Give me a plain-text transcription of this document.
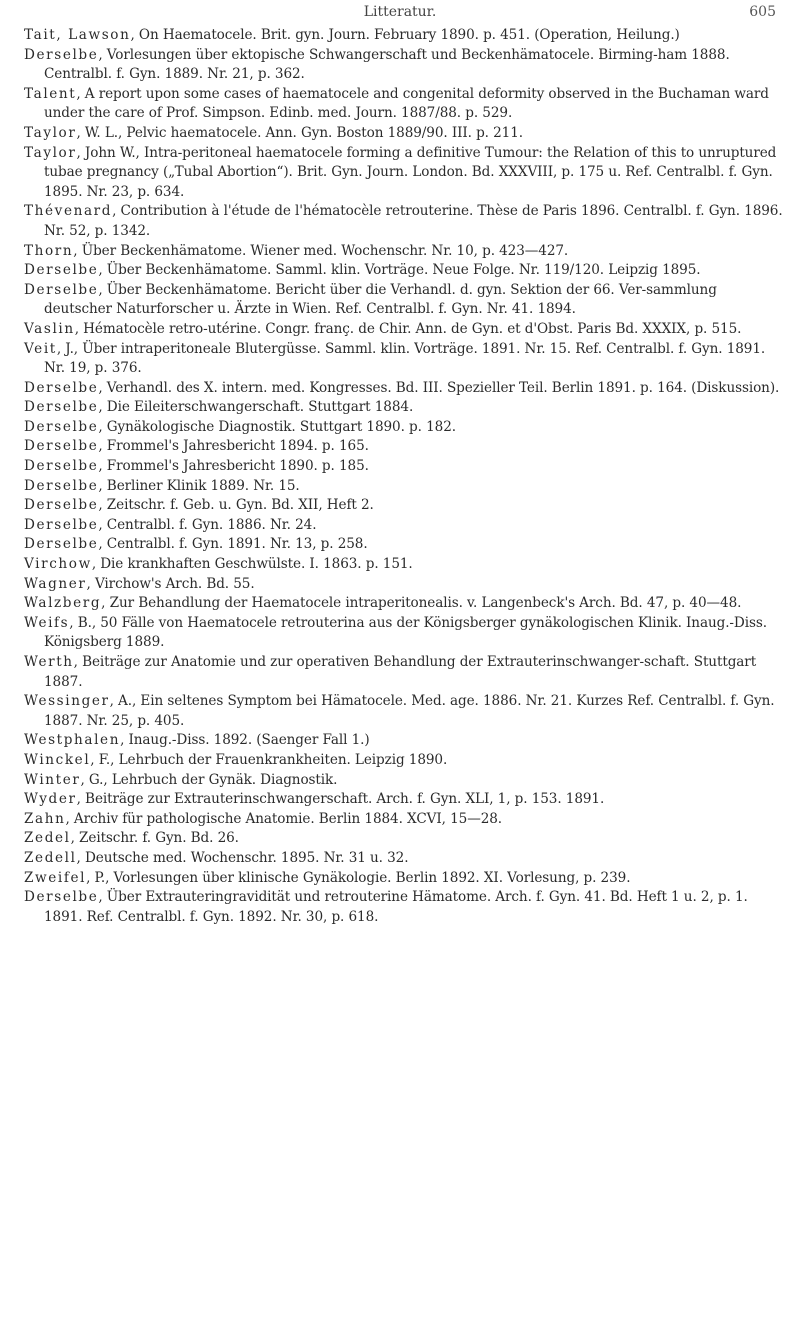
Litteratur.	605
Tait, Lawson, On Haematocele. Brit. gyn. Journ. February 1890. p. 451. (Operation, Heilung.)
Derselbe, Vorlesungen über ektopische Schwangerschaft und Beckenhämatocele. Birming-ham 1888. Centralbl. f. Gyn. 1889. Nr. 21, p. 362.
Talent, A report upon some cases of haematocele and congenital deformity observed in the Buchaman ward under the care of Prof. Simpson. Edinb. med. Journ. 1887/88. p. 529.
Taylor, W. L., Pelvic haematocele. Ann. Gyn. Boston 1889/90. III. p. 211.
Taylor, John W., Intra-peritoneal haematocele forming a definitive Tumour: the Relation of this to unruptured tubae pregnancy („Tubal Abortion“). Brit. Gyn. Journ. London. Bd. XXXVIII, p. 175 u. Ref. Centralbl. f. Gyn. 1895. Nr. 23, p. 634.
Thévenard, Contribution à l'étude de l'hématocèle retrouterine. Thèse de Paris 1896. Centralbl. f. Gyn. 1896. Nr. 52, p. 1342.
Thorn, Über Beckenhämatome. Wiener med. Wochenschr. Nr. 10, p. 423—427.
Derselbe, Über Beckenhämatome. Samml. klin. Vorträge. Neue Folge. Nr. 119/120. Leipzig 1895.
Derselbe, Über Beckenhämatome. Bericht über die Verhandl. d. gyn. Sektion der 66. Ver-sammlung deutscher Naturforscher u. Ärzte in Wien. Ref. Centralbl. f. Gyn. Nr. 41. 1894.
Vaslin, Hématocèle retro-utérine. Congr. franç. de Chir. Ann. de Gyn. et d'Obst. Paris Bd. XXXIX, p. 515.
Veit, J., Über intraperitoneale Blutergüsse. Samml. klin. Vorträge. 1891. Nr. 15. Ref. Centralbl. f. Gyn. 1891. Nr. 19, p. 376.
Derselbe, Verhandl. des X. intern. med. Kongresses. Bd. III. Spezieller Teil. Berlin 1891. p. 164. (Diskussion).
Derselbe, Die Eileiterschwangerschaft. Stuttgart 1884.
Derselbe, Gynäkologische Diagnostik. Stuttgart 1890. p. 182.
Derselbe, Frommel's Jahresbericht 1894. p. 165.
Derselbe, Frommel's Jahresbericht 1890. p. 185.
Derselbe, Berliner Klinik 1889. Nr. 15.
Derselbe, Zeitschr. f. Geb. u. Gyn. Bd. XII, Heft 2.
Derselbe, Centralbl. f. Gyn. 1886. Nr. 24.
Derselbe, Centralbl. f. Gyn. 1891. Nr. 13, p. 258.
Virchow, Die krankhaften Geschwülste. I. 1863. p. 151.
Wagner, Virchow's Arch. Bd. 55.
Walzberg, Zur Behandlung der Haematocele intraperitonealis. v. Langenbeck's Arch. Bd. 47, p. 40—48.
Weifs, B., 50 Fälle von Haematocele retrouterina aus der Königsberger gynäkologischen Klinik. Inaug.-Diss. Königsberg 1889.
Werth, Beiträge zur Anatomie und zur operativen Behandlung der Extrauterinschwanger-schaft. Stuttgart 1887.
Wessinger, A., Ein seltenes Symptom bei Hämatocele. Med. age. 1886. Nr. 21. Kurzes Ref. Centralbl. f. Gyn. 1887. Nr. 25, p. 405.
Westphalen, Inaug.-Diss. 1892. (Saenger Fall 1.)
Winckel, F., Lehrbuch der Frauenkrankheiten. Leipzig 1890.
Winter, G., Lehrbuch der Gynäk. Diagnostik.
Wyder, Beiträge zur Extrauterinschwangerschaft. Arch. f. Gyn. XLI, 1, p. 153. 1891.
Zahn, Archiv für pathologische Anatomie. Berlin 1884. XCVI, 15—28.
Zedel, Zeitschr. f. Gyn. Bd. 26.
Zedell, Deutsche med. Wochenschr. 1895. Nr. 31 u. 32.
Zweifel, P., Vorlesungen über klinische Gynäkologie. Berlin 1892. XI. Vorlesung, p. 239.
Derselbe, Über Extrauteringravidität und retrouterine Hämatome. Arch. f. Gyn. 41. Bd. Heft 1 u. 2, p. 1. 1891. Ref. Centralbl. f. Gyn. 1892. Nr. 30, p. 618.
